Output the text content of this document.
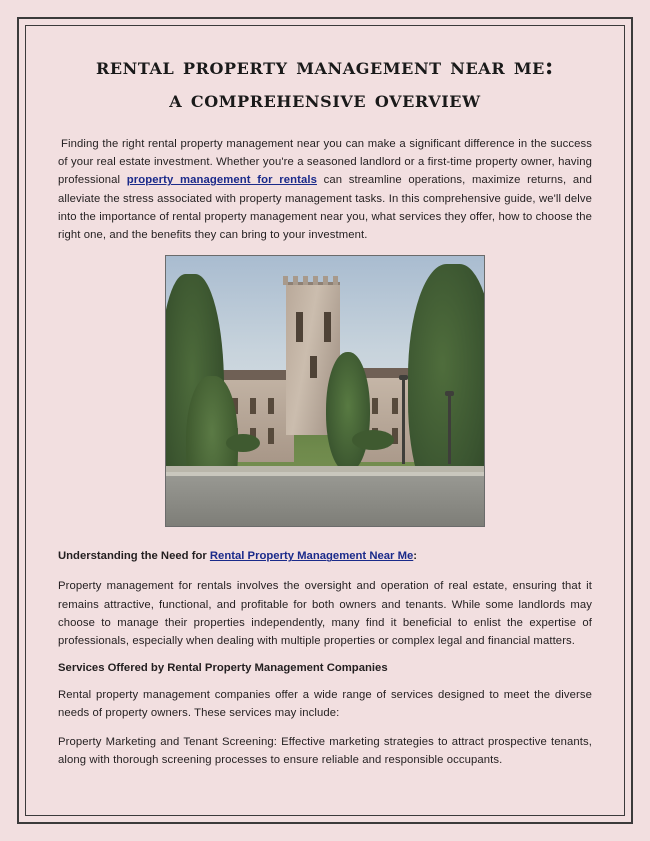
rental property management near me:
a comprehensive overview

Finding the right rental property management near you can make a significant difference in the success of your real estate investment. Whether you're a seasoned landlord or a first-time property owner, having professional property management for rentals can streamline operations, maximize returns, and alleviate the stress associated with property management tasks. In this comprehensive guide, we'll delve into the importance of rental property management near you, what services they offer, how to choose the right one, and the benefits they can bring to your investment.

Understanding the Need for Rental Property Management Near Me:

Property management for rentals involves the oversight and operation of real estate, ensuring that it remains attractive, functional, and profitable for both owners and tenants. While some landlords may choose to manage their properties independently, many find it beneficial to enlist the expertise of professionals, especially when dealing with multiple properties or complex legal and financial matters.

Services Offered by Rental Property Management Companies

Rental property management companies offer a wide range of services designed to meet the diverse needs of property owners. These services may include:

Property Marketing and Tenant Screening: Effective marketing strategies to attract prospective tenants, along with thorough screening processes to ensure reliable and responsible occupants.
